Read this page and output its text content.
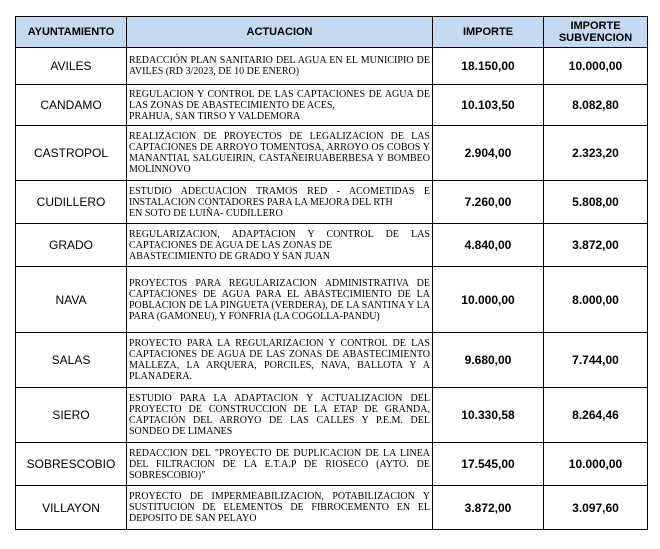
AYUNTAMIENTO	ACTUACION	IMPORTE	IMPORTE
SUBVENCION
AVILES	REDACCIÓN PLAN SANITARIO DEL AGUA EN EL MUNICIPIO DE AVILES (RD 3/2023, DE 10 DE ENERO)	18.150,00	10.000,00
CANDAMO	REGULACION Y CONTROL DE LAS CAPTACIONES DE AGUA DE LAS ZONAS DE ABASTECIMIENTO DE ACES,
PRAHUA, SAN TIRSO Y VALDEMORA	10.103,50	8.082,80
CASTROPOL	REALIZACION DE PROYECTOS DE LEGALIZACION DE LAS CAPTACIONES DE ARROYO TOMENTOSA, ARROYO OS COBOS Y MANANTIAL SALGUEIRIN, CASTAÑEIRUABERBESA Y BOMBEO MOLINNOVO	2.904,00	2.323,20
CUDILLERO	ESTUDIO ADECUACION TRAMOS RED - ACOMETIDAS E INSTALACION CONTADORES PARA LA MEJORA DEL RTH
EN SOTO DE LUIÑA- CUDILLERO	7.260,00	5.808,00
GRADO	REGULARIZACION, ADAPTACION Y CONTROL DE LAS CAPTACIONES DE AGUA DE LAS ZONAS DE
ABASTECIMIENTO DE GRADO Y SAN JUAN	4.840,00	3.872,00
NAVA	PROYECTOS PARA REGULARIZACION ADMINISTRATIVA DE CAPTACIONES DE AGUA PARA EL ABASTECIMIENTO DE LA POBLACION DE LA PINGUETA (VERDERA), DE LA SANTINA Y LA PARA (GAMONEU), Y FONFRIA (LA COGOLLA-PANDU)	10.000,00	8.000,00
SALAS	PROYECTO PARA LA REGULARIZACION Y CONTROL DE LAS CAPTACIONES DE AGUA DE LAS ZONAS DE ABASTECIMIENTO MALLEZA, LA ARQUERA, PORCILES, NAVA, BALLOTA Y A PLANADERA.	9.680,00	7.744,00
SIERO	ESTUDIO PARA LA ADAPTACION Y ACTUALIZACION DEL PROYECTO DE CONSTRUCCION DE LA ETAP DE GRANDA, CAPTACIÓN DEL ARROYO DE LAS CALLES Y P.E.M. DEL SONDEO DE LIMANES	10.330,58	8.264,46
SOBRESCOBIO	REDACCION DEL "PROYECTO DE DUPLICACION DE LA LINEA DEL FILTRACION DE LA E.T.A.P DE RIOSECO (AYTO. DE SOBRESCOBIO)"	17.545,00	10.000,00
VILLAYON	PROYECTO DE IMPERMEABILIZACION, POTABILIZACION Y SUSTITUCION DE ELEMENTOS DE FIBROCEMENTO EN EL DEPOSITO DE SAN PELAYO	3.872,00	3.097,60
